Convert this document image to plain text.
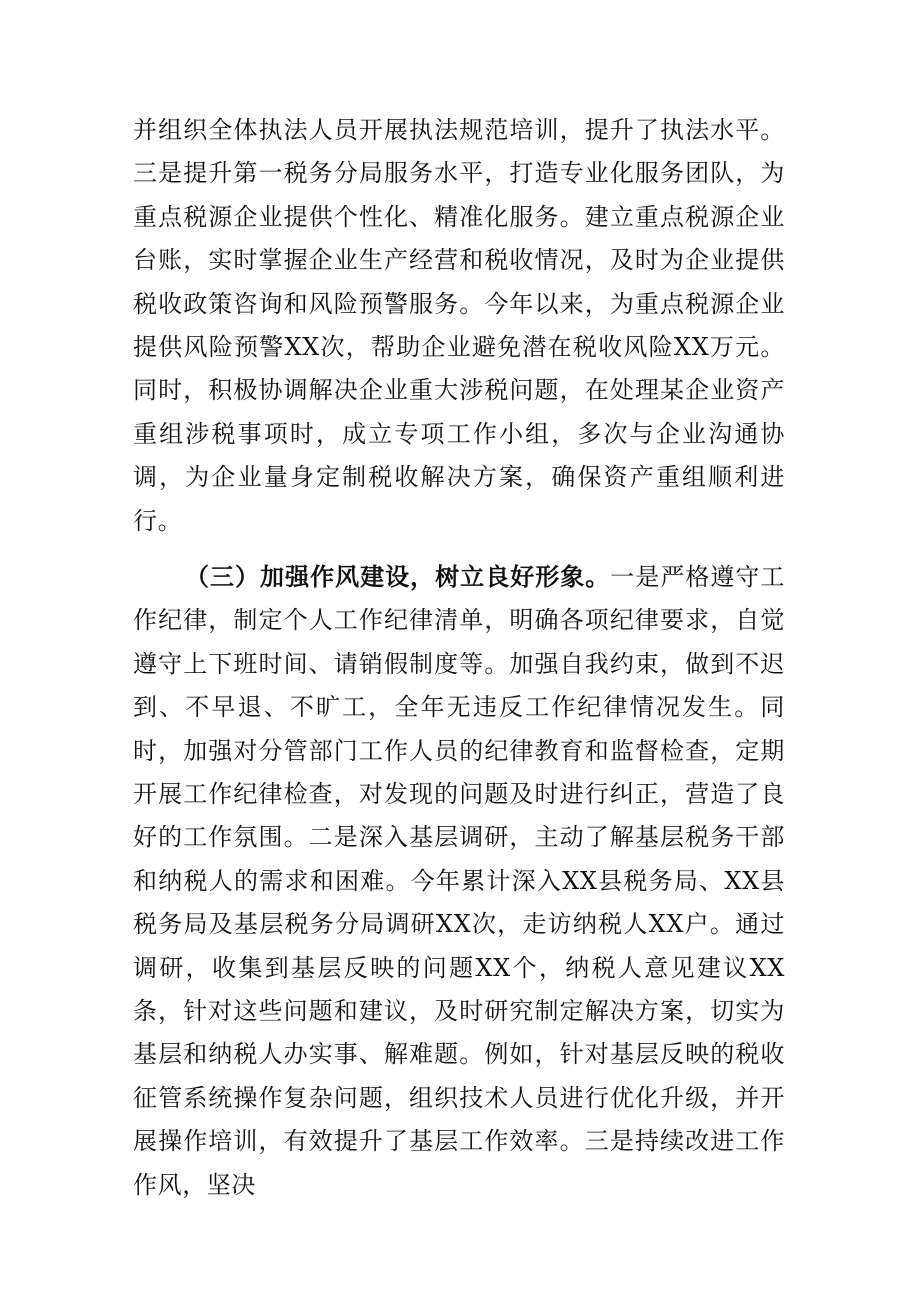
并组织全体执法人员开展执法规范培训，提升了执法水平。三是提升第一税务分局服务水平，打造专业化服务团队，为重点税源企业提供个性化、精准化服务。建立重点税源企业台账，实时掌握企业生产经营和税收情况，及时为企业提供税收政策咨询和风险预警服务。今年以来，为重点税源企业提供风险预警XX次，帮助企业避免潜在税收风险XX万元。同时，积极协调解决企业重大涉税问题，在处理某企业资产重组涉税事项时，成立专项工作小组，多次与企业沟通协调，为企业量身定制税收解决方案，确保资产重组顺利进行。

（三）加强作风建设，树立良好形象。一是严格遵守工作纪律，制定个人工作纪律清单，明确各项纪律要求，自觉遵守上下班时间、请销假制度等。加强自我约束，做到不迟到、不早退、不旷工，全年无违反工作纪律情况发生。同时，加强对分管部门工作人员的纪律教育和监督检查，定期开展工作纪律检查，对发现的问题及时进行纠正，营造了良好的工作氛围。二是深入基层调研，主动了解基层税务干部和纳税人的需求和困难。今年累计深入XX县税务局、XX县税务局及基层税务分局调研XX次，走访纳税人XX户。通过调研，收集到基层反映的问题XX个，纳税人意见建议XX条，针对这些问题和建议，及时研究制定解决方案，切实为基层和纳税人办实事、解难题。例如，针对基层反映的税收征管系统操作复杂问题，组织技术人员进行优化升级，并开展操作培训，有效提升了基层工作效率。三是持续改进工作作风，坚决
